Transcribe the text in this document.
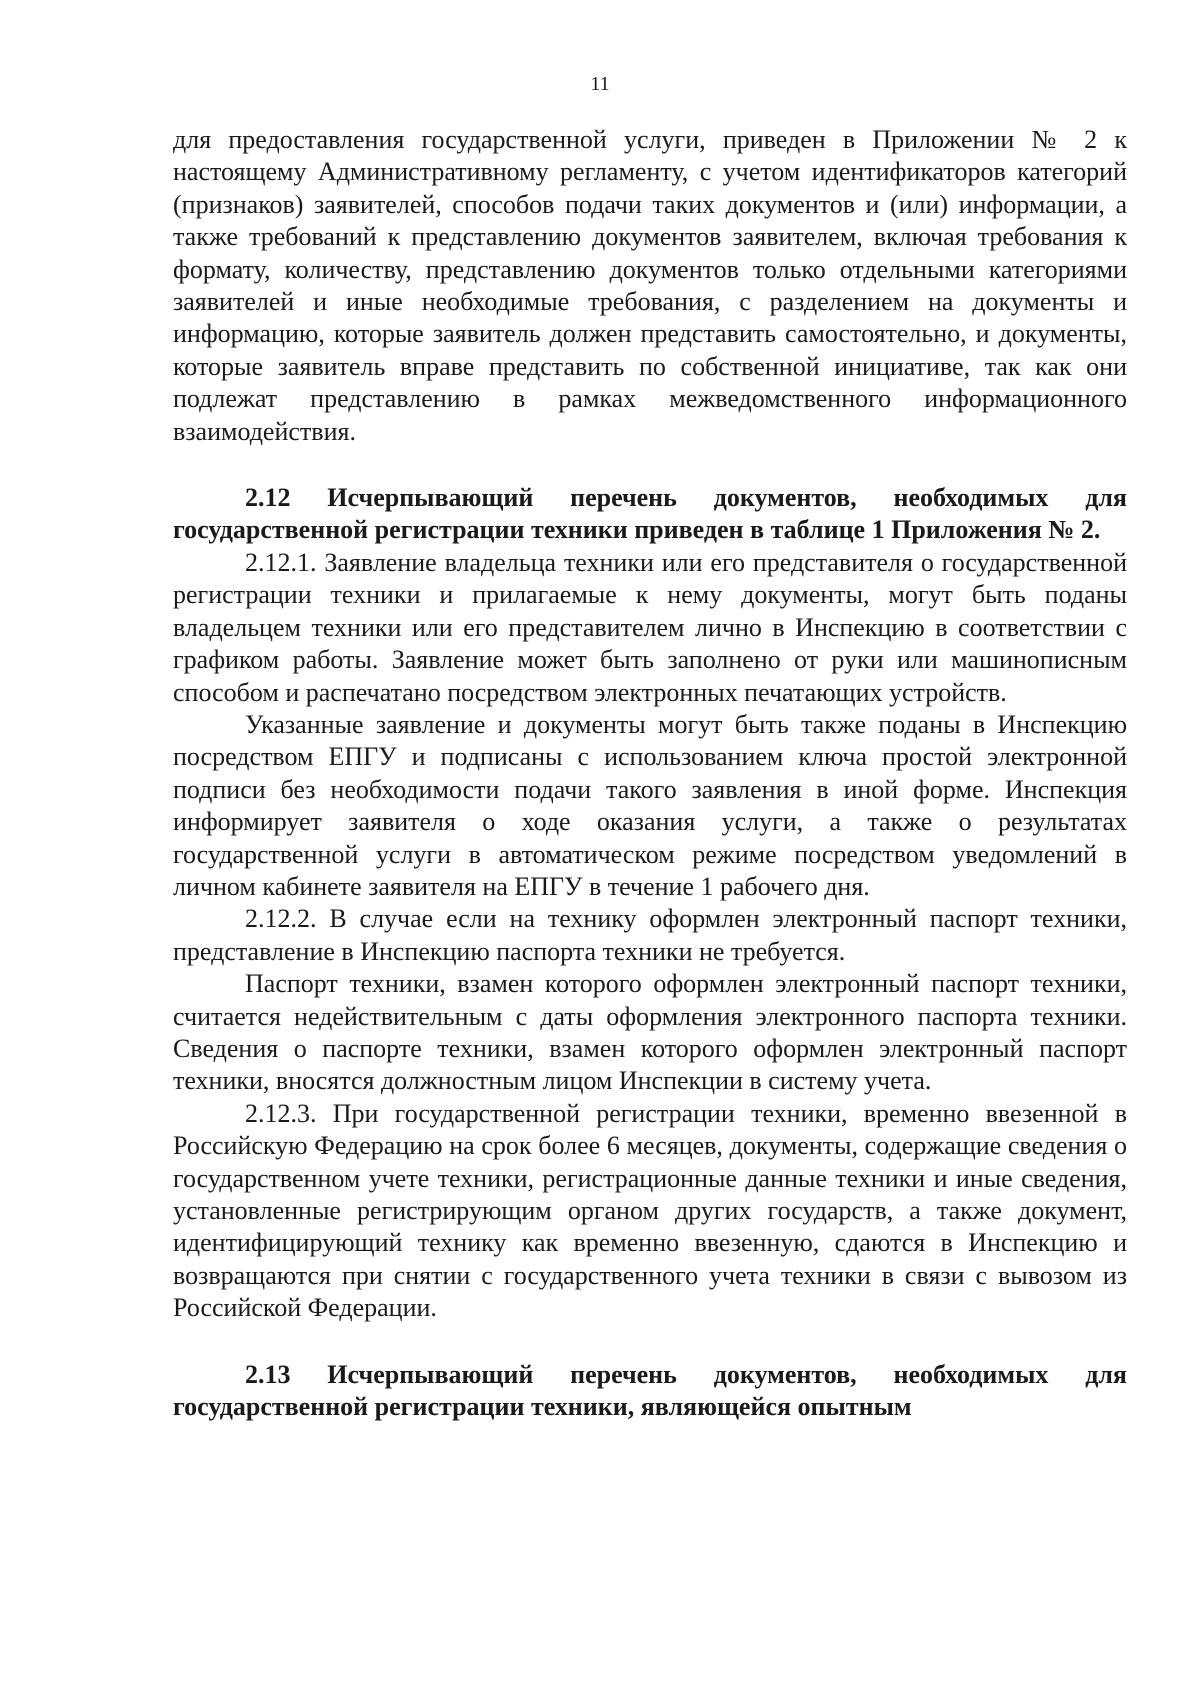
11

для предоставления государственной услуги, приведен в Приложении № 2 к настоящему Административному регламенту, с учетом идентификаторов категорий (признаков) заявителей, способов подачи таких документов и (или) информации, а также требований к представлению документов заявителем, включая требования к формату, количеству, представлению документов только отдельными категориями заявителей и иные необходимые требования, с разделением на документы и информацию, которые заявитель должен представить самостоятельно, и документы, которые заявитель вправе представить по собственной инициативе, так как они подлежат представлению в рамках межведомственного информационного взаимодействия.

2.12 Исчерпывающий перечень документов, необходимых для государственной регистрации техники приведен в таблице 1 Приложения № 2.

2.12.1. Заявление владельца техники или его представителя о государственной регистрации техники и прилагаемые к нему документы, могут быть поданы владельцем техники или его представителем лично в Инспекцию в соответствии с графиком работы. Заявление может быть заполнено от руки или машинописным способом и распечатано посредством электронных печатающих устройств.

Указанные заявление и документы могут быть также поданы в Инспекцию посредством ЕПГУ и подписаны с использованием ключа простой электронной подписи без необходимости подачи такого заявления в иной форме. Инспекция информирует заявителя о ходе оказания услуги, а также о результатах государственной услуги в автоматическом режиме посредством уведомлений в личном кабинете заявителя на ЕПГУ в течение 1 рабочего дня.

2.12.2. В случае если на технику оформлен электронный паспорт техники, представление в Инспекцию паспорта техники не требуется.

Паспорт техники, взамен которого оформлен электронный паспорт техники, считается недействительным с даты оформления электронного паспорта техники. Сведения о паспорте техники, взамен которого оформлен электронный паспорт техники, вносятся должностным лицом Инспекции в систему учета.

2.12.3. При государственной регистрации техники, временно ввезенной в Российскую Федерацию на срок более 6 месяцев, документы, содержащие сведения о государственном учете техники, регистрационные данные техники и иные сведения, установленные регистрирующим органом других государств, а также документ, идентифицирующий технику как временно ввезенную, сдаются в Инспекцию и возвращаются при снятии с государственного учета техники в связи с вывозом из Российской Федерации.

2.13 Исчерпывающий перечень документов, необходимых для государственной регистрации техники, являющейся опытным
